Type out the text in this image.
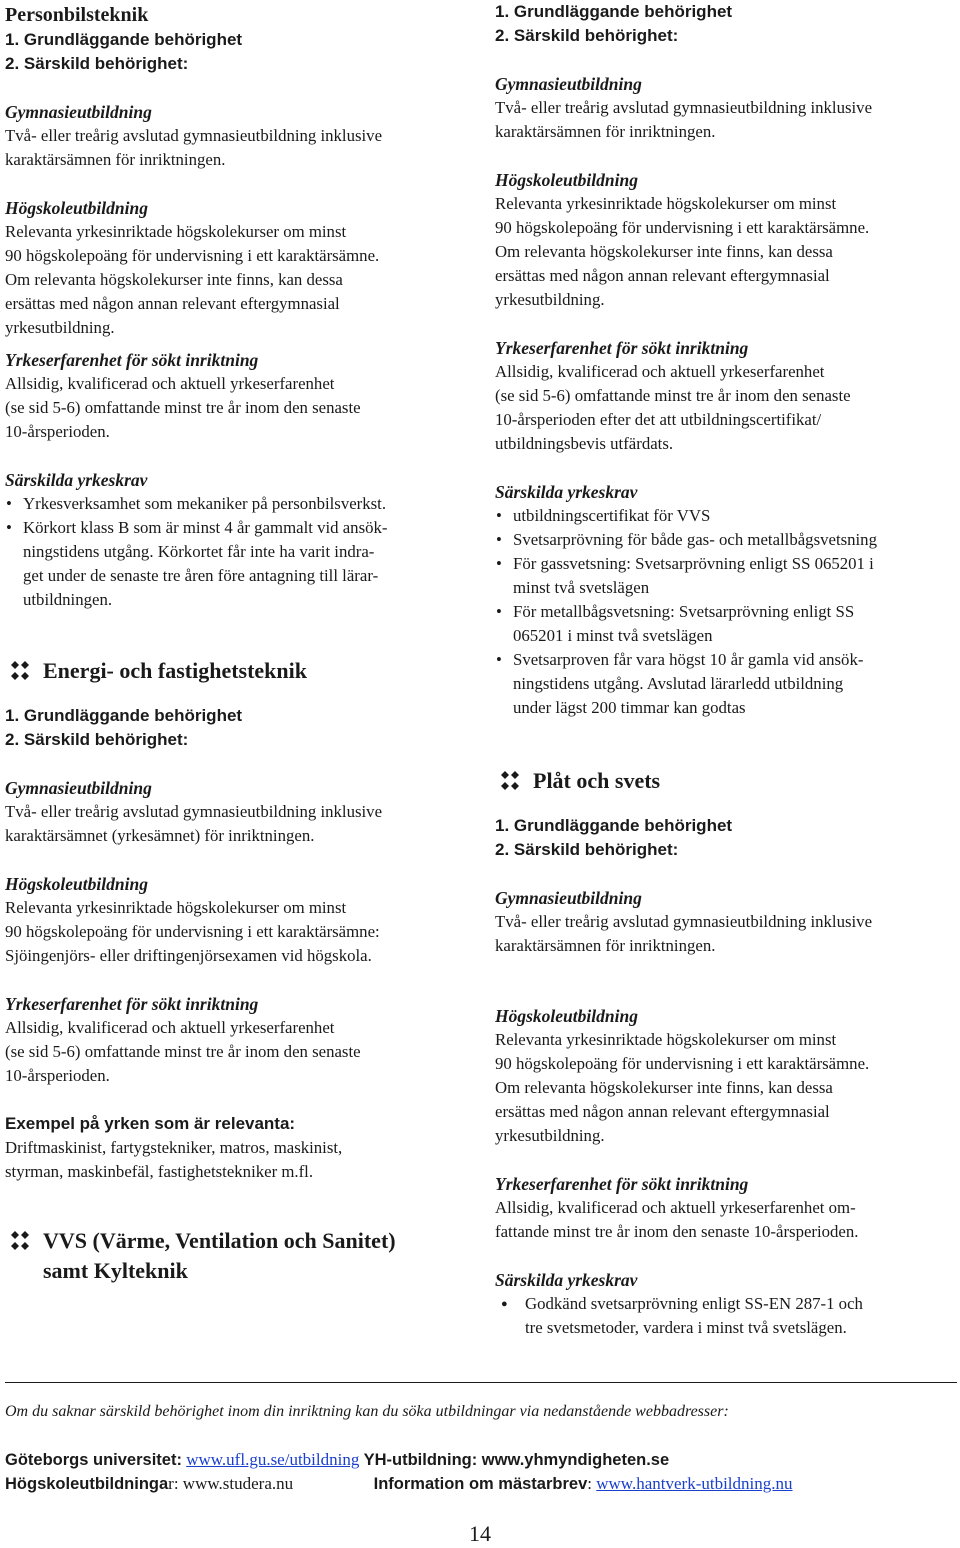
Personbilsteknik
1. Grundläggande behörighet
2. Särskild behörighet:
Gymnasieutbildning
Två- eller treårig avslutad gymnasieutbildning inklusive
karaktärsämnen för inriktningen.
Högskoleutbildning
Relevanta yrkesinriktade högskolekurser om minst
90 högskolepoäng för undervisning i ett karaktärsämne.
Om relevanta högskolekurser inte finns, kan dessa
ersättas med någon annan relevant eftergymnasial
yrkesutbildning.
Yrkeserfarenhet för sökt inriktning
Allsidig, kvalificerad och aktuell yrkeserfarenhet
(se sid 5-6) omfattande minst tre år inom den senaste
10-årsperioden.
Särskilda yrkeskrav
• Yrkesverksamhet som mekaniker på personbilsverkst.
• Körkort klass B som är minst 4 år gammalt vid ansök-
ningstidens utgång. Körkortet får inte ha varit indra-
get under de senaste tre åren före antagning till lärar-
utbildningen.
Energi- och fastighetsteknik
1. Grundläggande behörighet
2. Särskild behörighet:
Gymnasieutbildning
Två- eller treårig avslutad gymnasieutbildning inklusive
karaktärsämnet (yrkesämnet) för inriktningen.
Högskoleutbildning
Relevanta yrkesinriktade högskolekurser om minst
90 högskolepoäng för undervisning i ett karaktärsämne:
Sjöingenjörs- eller driftingenjörsexamen vid högskola.
Yrkeserfarenhet för sökt inriktning
Allsidig, kvalificerad och aktuell yrkeserfarenhet
(se sid 5-6) omfattande minst tre år inom den senaste
10-årsperioden.
Exempel på yrken som är relevanta:
Driftmaskinist, fartygstekniker, matros, maskinist,
styrman, maskinbefäl, fastighetstekniker m.fl.
VVS (Värme, Ventilation och Sanitet)
samt Kylteknik
1. Grundläggande behörighet
2. Särskild behörighet:
Gymnasieutbildning
Två- eller treårig avslutad gymnasieutbildning inklusive
karaktärsämnen för inriktningen.
Högskoleutbildning
Relevanta yrkesinriktade högskolekurser om minst
90 högskolepoäng för undervisning i ett karaktärsämne.
Om relevanta högskolekurser inte finns, kan dessa
ersättas med någon annan relevant eftergymnasial
yrkesutbildning.
Yrkeserfarenhet för sökt inriktning
Allsidig, kvalificerad och aktuell yrkeserfarenhet
(se sid 5-6) omfattande minst tre år inom den senaste
10-årsperioden efter det att utbildningscertifikat/
utbildningsbevis utfärdats.
Särskilda yrkeskrav
• utbildningscertifikat för VVS
• Svetsarprövning för både gas- och metallbågsvetsning
• För gassvetsning: Svetsarprövning enligt SS 065201 i
minst två svetslägen
• För metallbågsvetsning: Svetsarprövning enligt SS
065201 i minst två svetslägen
• Svetsarproven får vara högst 10 år gamla vid ansök-
ningstidens utgång. Avslutad lärarledd utbildning
under lägst 200 timmar kan godtas
Plåt och svets
1. Grundläggande behörighet
2. Särskild behörighet:
Gymnasieutbildning
Två- eller treårig avslutad gymnasieutbildning inklusive
karaktärsämnen för inriktningen.
Högskoleutbildning
Relevanta yrkesinriktade högskolekurser om minst
90 högskolepoäng för undervisning i ett karaktärsämne.
Om relevanta högskolekurser inte finns, kan dessa
ersättas med någon annan relevant eftergymnasial
yrkesutbildning.
Yrkeserfarenhet för sökt inriktning
Allsidig, kvalificerad och aktuell yrkeserfarenhet om-
fattande minst tre år inom den senaste 10-årsperioden.
Särskilda yrkeskrav
● Godkänd svetsarprövning enligt SS-EN 287-1 och
tre svetsmetoder, vardera i minst två svetslägen.
Om du saknar särskild behörighet inom din inriktning kan du söka utbildningar via nedanstående webbadresser:
Göteborgs universitet: www.ufl.gu.se/utbildning YH-utbildning: www.yhmyndigheten.se
Högskoleutbildningar: www.studera.nu	Information om mästarbrev: www.hantverk-utbildning.nu
14
